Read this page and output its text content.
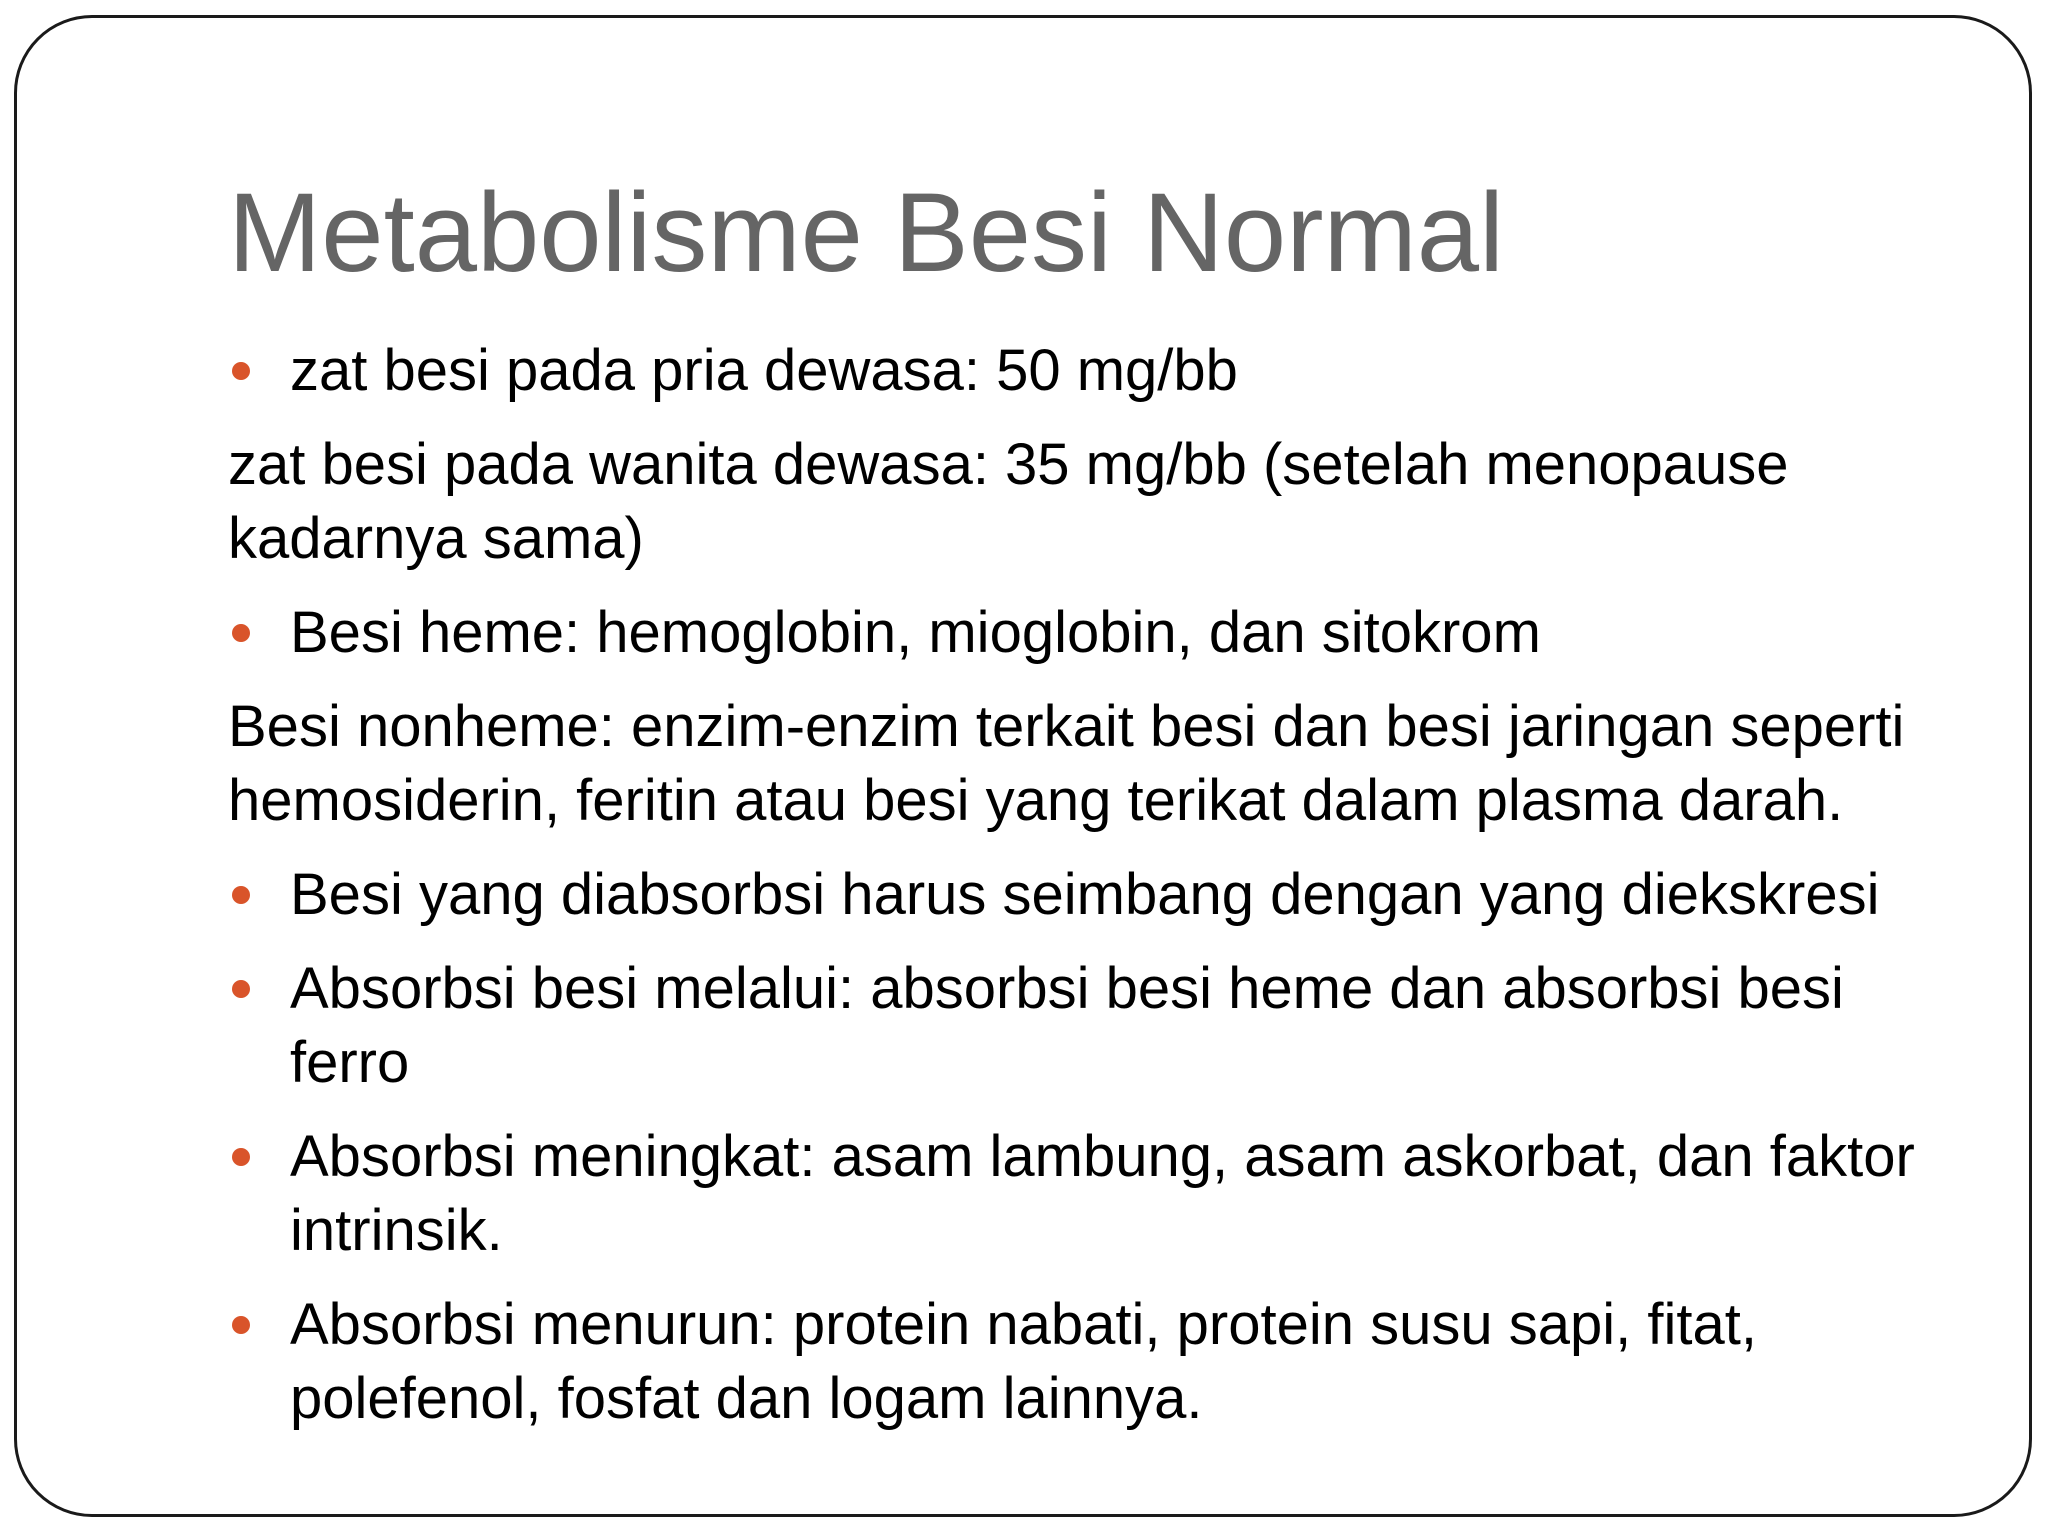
Metabolisme Besi Normal
zat besi pada pria dewasa: 50 mg/bb
zat besi pada wanita dewasa: 35 mg/bb (setelah menopause kadarnya sama)
Besi heme: hemoglobin, mioglobin, dan sitokrom
Besi nonheme: enzim-enzim terkait besi dan besi jaringan seperti hemosiderin, feritin atau besi yang terikat dalam plasma darah.
Besi yang diabsorbsi harus seimbang dengan yang diekskresi
Absorbsi besi melalui: absorbsi besi heme dan absorbsi besi ferro
Absorbsi meningkat: asam lambung, asam askorbat, dan faktor intrinsik.
Absorbsi menurun: protein nabati, protein susu sapi, fitat, polefenol, fosfat dan logam lainnya.
